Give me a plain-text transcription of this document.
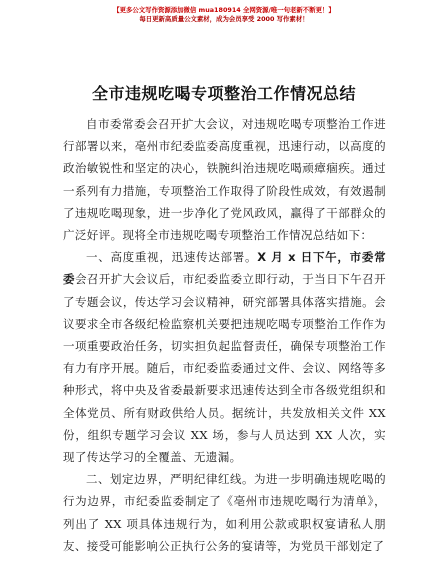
【更多公文写作资源添加微信 mua180914 全网资源/唯一句老新不断更！】
每日更新高质量公文素材，成为会员享受 2000 写作素材！
全市违规吃喝专项整治工作情况总结

自市委常委会召开扩大会议，对违规吃喝专项整治工作进行部署以来，亳州市纪委监委高度重视，迅速行动，以高度的政治敏锐性和坚定的决心，铁腕纠治违规吃喝顽瘴痼疾。通过一系列有力措施，专项整治工作取得了阶段性成效，有效遏制了违规吃喝现象，进一步净化了党风政风，赢得了干部群众的广泛好评。现将全市违规吃喝专项整治工作情况总结如下：

一、高度重视，迅速传达部署。X 月 x 日下午，市委常委会召开扩大会议后，市纪委监委立即行动，于当日下午召开了专题会议，传达学习会议精神，研究部署具体落实措施。会议要求全市各级纪检监察机关要把违规吃喝专项整治工作作为一项重要政治任务，切实担负起监督责任，确保专项整治工作有力有序开展。随后，市纪委监委通过文件、会议、网络等多种形式，将中央及省委最新要求迅速传达到全市各级党组织和全体党员、所有财政供给人员。据统计，共发放相关文件 XX 份，组织专题学习会议 XX 场，参与人员达到 XX 人次，实现了传达学习的全覆盖、无遗漏。

二、划定边界，严明纪律红线。为进一步明确违规吃喝的行为边界，市纪委监委制定了《亳州市违规吃喝行为清单》，列出了 XX 项具体违规行为，如利用公款或职权宴请私人朋友、接受可能影响公正执行公务的宴请等，为党员干部划定了
